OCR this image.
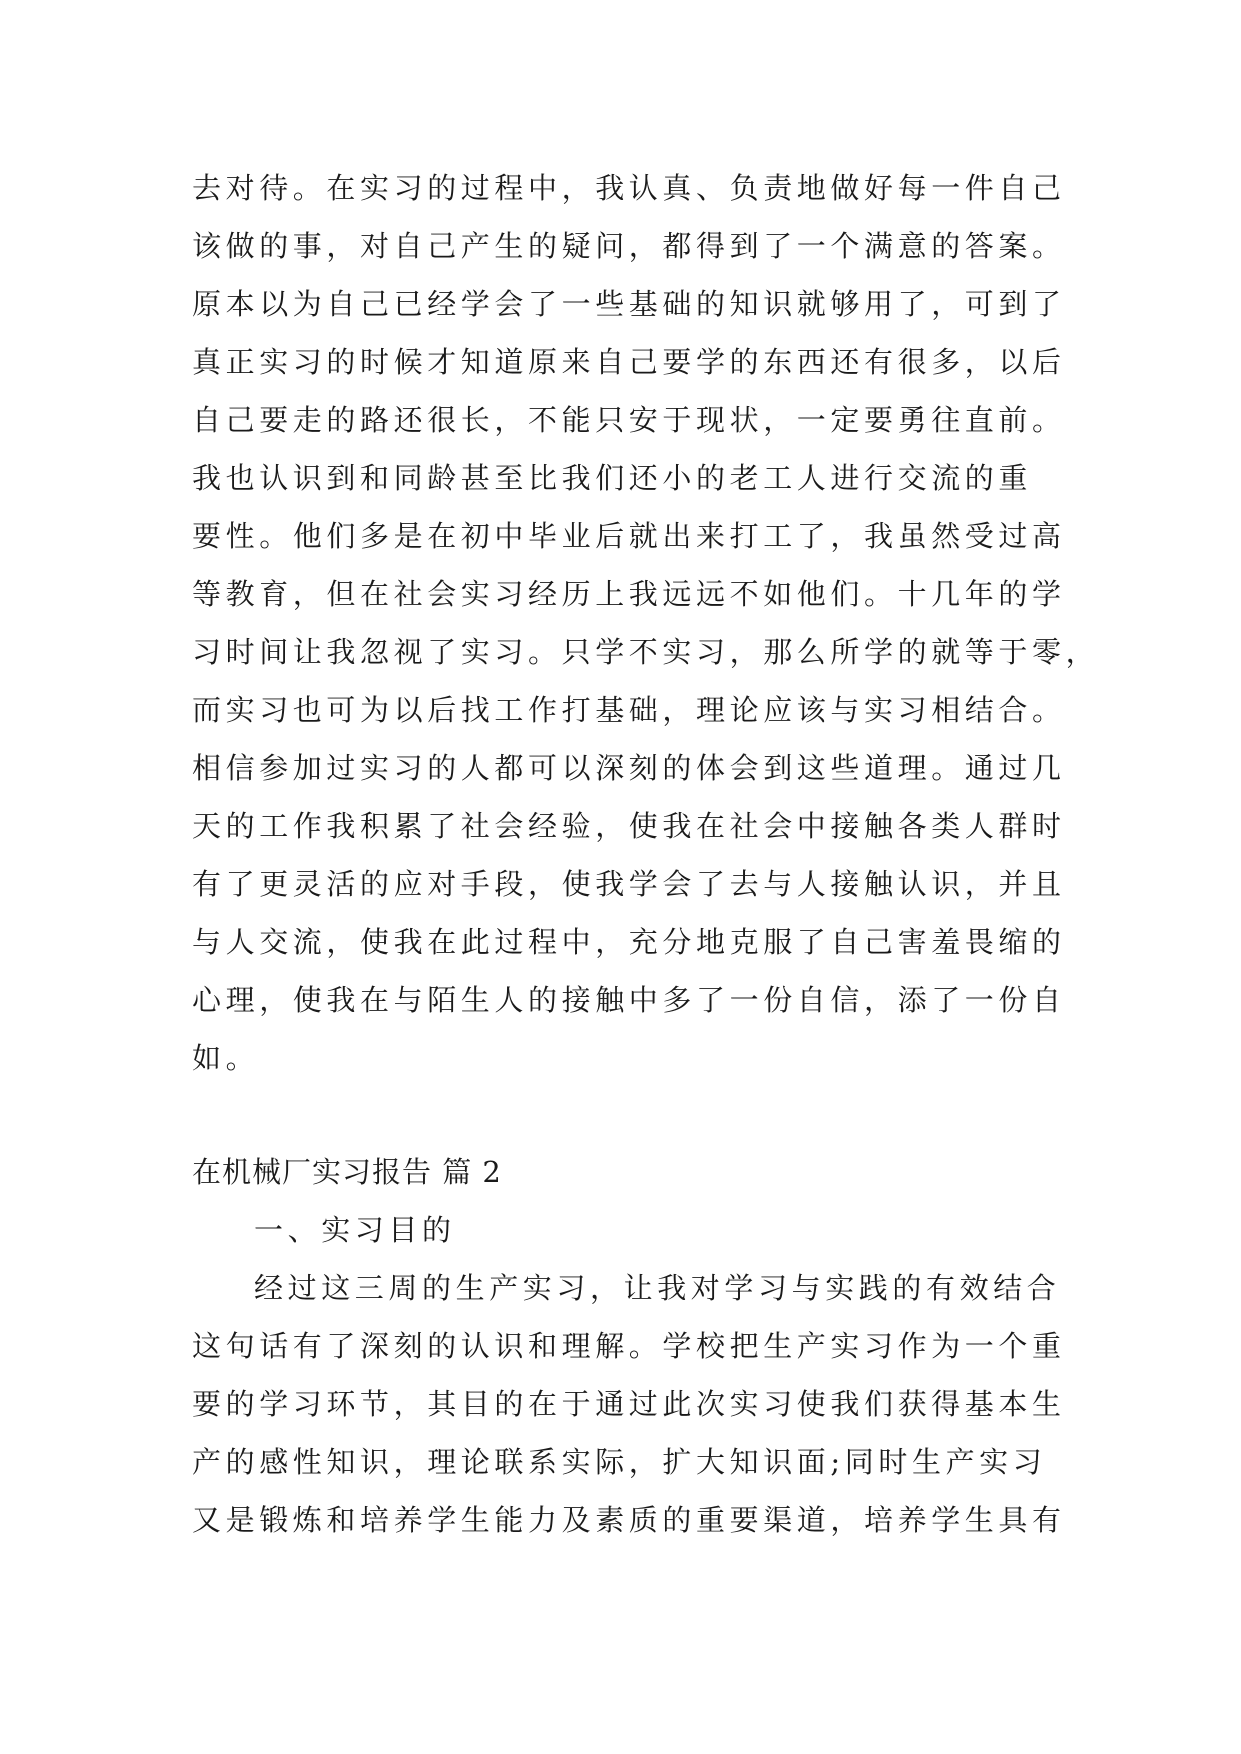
去对待。在实习的过程中，我认真、负责地做好每一件自己
该做的事，对自己产生的疑问，都得到了一个满意的答案。
原本以为自己已经学会了一些基础的知识就够用了，可到了
真正实习的时候才知道原来自己要学的东西还有很多，以后
自己要走的路还很长，不能只安于现状，一定要勇往直前。
我也认识到和同龄甚至比我们还小的老工人进行交流的重
要性。他们多是在初中毕业后就出来打工了，我虽然受过高
等教育，但在社会实习经历上我远远不如他们。十几年的学
习时间让我忽视了实习。只学不实习，那么所学的就等于零，
而实习也可为以后找工作打基础，理论应该与实习相结合。
相信参加过实习的人都可以深刻的体会到这些道理。通过几
天的工作我积累了社会经验，使我在社会中接触各类人群时
有了更灵活的应对手段，使我学会了去与人接触认识，并且
与人交流，使我在此过程中，充分地克服了自己害羞畏缩的
心理，使我在与陌生人的接触中多了一份自信，添了一份自
如。
在机械厂实习报告 篇 2
一、实习目的
经过这三周的生产实习，让我对学习与实践的有效结合
这句话有了深刻的认识和理解。学校把生产实习作为一个重
要的学习环节，其目的在于通过此次实习使我们获得基本生
产的感性知识，理论联系实际，扩大知识面;同时生产实习
又是锻炼和培养学生能力及素质的重要渠道，培养学生具有
